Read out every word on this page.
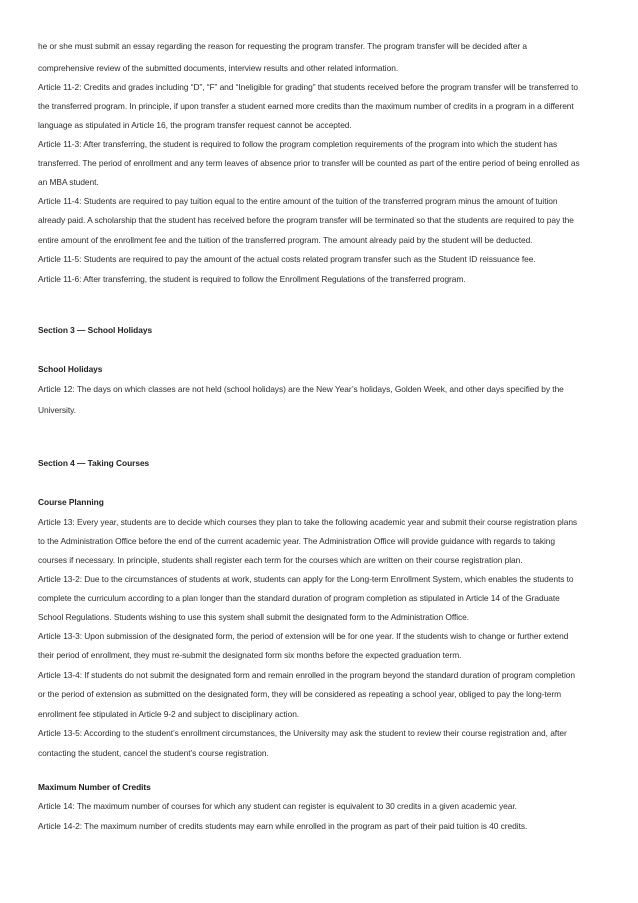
he or she must submit an essay regarding the reason for requesting the program transfer. The program transfer will be decided after a
comprehensive review of the submitted documents, interview results and other related information.
Article 11-2: Credits and grades including “D”, “F” and “Ineligible for grading” that students received before the program transfer will be transferred to
the transferred program. In principle, if upon transfer a student earned more credits than the maximum number of credits in a program in a different
language as stipulated in Article 16, the program transfer request cannot be accepted.
Article 11-3: After transferring, the student is required to follow the program completion requirements of the program into which the student has
transferred. The period of enrollment and any term leaves of absence prior to transfer will be counted as part of the entire period of being enrolled as
an MBA student.
Article 11-4: Students are required to pay tuition equal to the entire amount of the tuition of the transferred program minus the amount of tuition
already paid. A scholarship that the student has received before the program transfer will be terminated so that the students are required to pay the
entire amount of the enrollment fee and the tuition of the transferred program. The amount already paid by the student will be deducted.
Article 11-5: Students are required to pay the amount of the actual costs related program transfer such as the Student ID reissuance fee.
Article 11-6: After transferring, the student is required to follow the Enrollment Regulations of the transferred program.
Section 3 — School Holidays
School Holidays
Article 12: The days on which classes are not held (school holidays) are the New Year’s holidays, Golden Week, and other days specified by the
University.
Section 4 — Taking Courses
Course Planning
Article 13: Every year, students are to decide which courses they plan to take the following academic year and submit their course registration plans
to the Administration Office before the end of the current academic year. The Administration Office will provide guidance with regards to taking
courses if necessary. In principle, students shall register each term for the courses which are written on their course registration plan.
Article 13-2: Due to the circumstances of students at work, students can apply for the Long-term Enrollment System, which enables the students to
complete the curriculum according to a plan longer than the standard duration of program completion as stipulated in Article 14 of the Graduate
School Regulations. Students wishing to use this system shall submit the designated form to the Administration Office.
Article 13-3: Upon submission of the designated form, the period of extension will be for one year. If the students wish to change or further extend
their period of enrollment, they must re-submit the designated form six months before the expected graduation term.
Article 13-4: If students do not submit the designated form and remain enrolled in the program beyond the standard duration of program completion
or the period of extension as submitted on the designated form, they will be considered as repeating a school year, obliged to pay the long-term
enrollment fee stipulated in Article 9-2 and subject to disciplinary action.
Article 13-5: According to the student’s enrollment circumstances, the University may ask the student to review their course registration and, after
contacting the student, cancel the student’s course registration.
Maximum Number of Credits
Article 14: The maximum number of courses for which any student can register is equivalent to 30 credits in a given academic year.
Article 14-2: The maximum number of credits students may earn while enrolled in the program as part of their paid tuition is 40 credits.
